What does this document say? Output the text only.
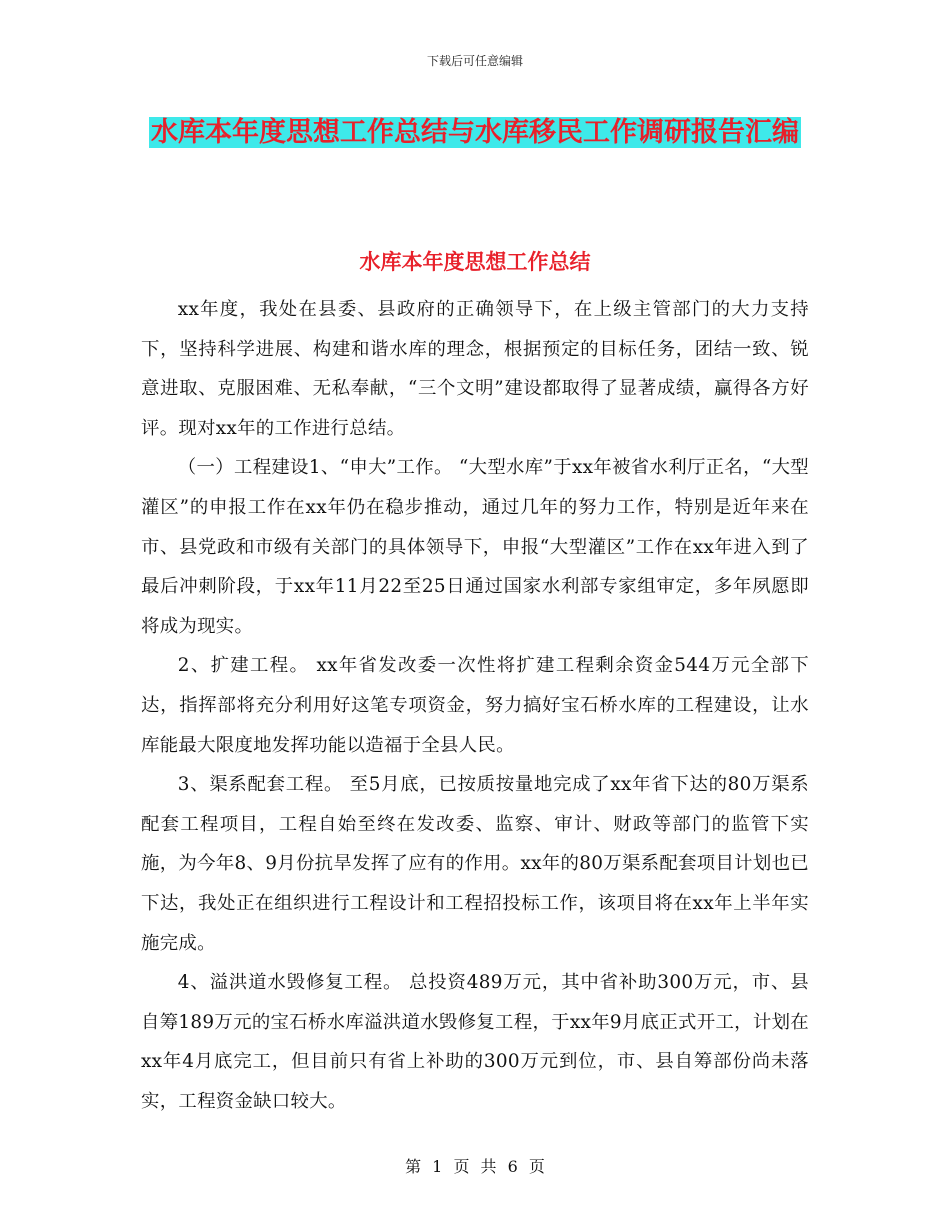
下载后可任意编辑
水库本年度思想工作总结与水库移民工作调研报告汇编
水库本年度思想工作总结

xx年度，我处在县委、县政府的正确领导下，在上级主管部门的大力支持下，坚持科学进展、构建和谐水库的理念，根据预定的目标任务，团结一致、锐意进取、克服困难、无私奉献，“三个文明”建设都取得了显著成绩，赢得各方好评。现对xx年的工作进行总结。

（一）工程建设1、“申大”工作。 “大型水库”于xx年被省水利厅正名，“大型灌区”的申报工作在xx年仍在稳步推动，通过几年的努力工作，特别是近年来在市、县党政和市级有关部门的具体领导下，申报“大型灌区”工作在xx年进入到了最后冲刺阶段，于xx年11月22至25日通过国家水利部专家组审定，多年夙愿即将成为现实。

2、扩建工程。 xx年省发改委一次性将扩建工程剩余资金544万元全部下达，指挥部将充分利用好这笔专项资金，努力搞好宝石桥水库的工程建设，让水库能最大限度地发挥功能以造福于全县人民。

3、渠系配套工程。 至5月底，已按质按量地完成了xx年省下达的80万渠系配套工程项目，工程自始至终在发改委、监察、审计、财政等部门的监管下实施，为今年8、9月份抗旱发挥了应有的作用。xx年的80万渠系配套项目计划也已下达，我处正在组织进行工程设计和工程招投标工作，该项目将在xx年上半年实施完成。

4、溢洪道水毁修复工程。 总投资489万元，其中省补助300万元，市、县自筹189万元的宝石桥水库溢洪道水毁修复工程，于xx年9月底正式开工，计划在xx年4月底完工，但目前只有省上补助的300万元到位，市、县自筹部份尚未落实，工程资金缺口较大。

第 1 页 共 6 页
